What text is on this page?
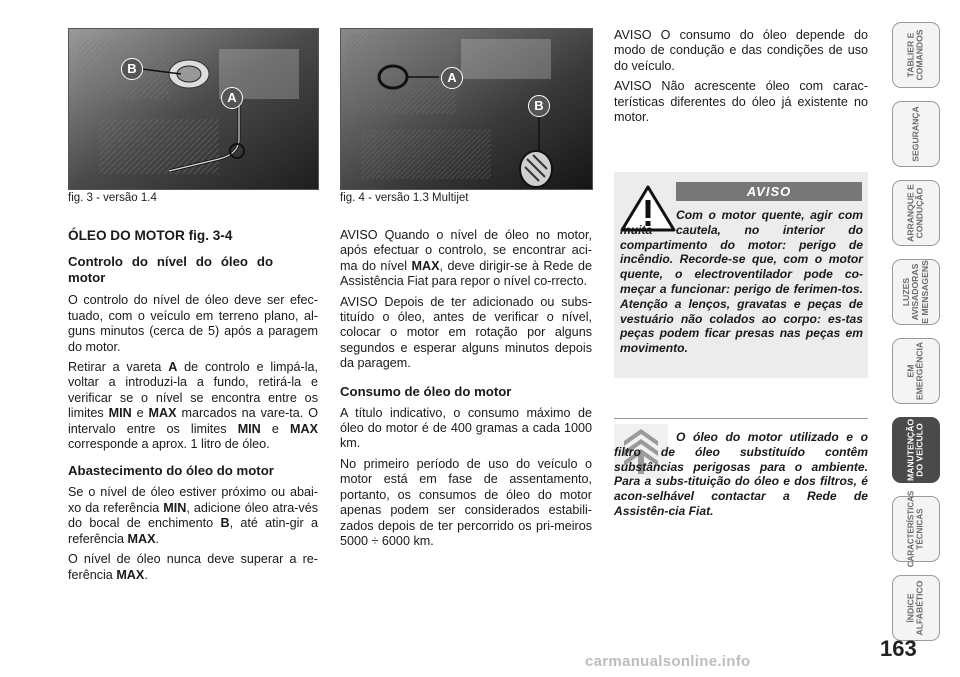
B
A
fig. 3 - versão 1.4
A
B
fig. 4 - versão 1.3 Multijet
ÓLEO DO MOTOR fig. 3-4
Controlo do nível do óleo do motor

O controlo do nível de óleo deve ser efec-tuado, com o veículo em terreno plano, al-guns minutos (cerca de 5) após a paragem do motor.

Retirar a vareta A de controlo e limpá-la, voltar a introduzi-la a fundo, retirá-la e verificar se o nível se encontra entre os limites MIN e MAX marcados na vare-ta. O intervalo entre os limites MIN e MAX corresponde a aprox. 1 litro de óleo.

Abastecimento do óleo do motor

Se o nível de óleo estiver próximo ou abai-xo da referência MIN, adicione óleo atra-vés do bocal de enchimento B, até atin-gir a referência MAX.

O nível de óleo nunca deve superar a re-ferência MAX.

AVISO Quando o nível de óleo no motor, após efectuar o controlo, se encontrar aci-ma do nível MAX, deve dirigir-se à Rede de Assistência Fiat para repor o nível co-rrecto.

AVISO Depois de ter adicionado ou subs-tituído o óleo, antes de verificar o nível, colocar o motor em rotação por alguns segundos e esperar alguns minutos depois da paragem.

Consumo de óleo do motor

A título indicativo, o consumo máximo de óleo do motor é de 400 gramas a cada 1000 km.

No primeiro período de uso do veículo o motor está em fase de assentamento, portanto, os consumos de óleo do motor apenas podem ser considerados estabili-zados depois de ter percorrido os pri-meiros 5000 ÷ 6000 km.

AVISO O consumo do óleo depende do modo de condução e das condições de uso do veículo.

AVISO Não acrescente óleo com carac-terísticas diferentes do óleo já existente no motor.

AVISO
Com o motor quente, agir com muita cautela, no interior do compartimento do motor: perigo de incêndio. Recorde-se que, com o motor quente, o electroventilador pode co-meçar a funcionar: perigo de ferimen-tos. Atenção a lenços, gravatas e peças de vestuário não colados ao corpo: es-tas peças podem ficar presas nas peças em movimento.
O óleo do motor utilizado e o filtro de óleo substituído contêm substâncias perigosas para o ambiente. Para a subs-tituição do óleo e dos filtros, é acon-selhável contactar a Rede de Assistên-cia Fiat.
TABLIER E
COMANDOS
SEGURANÇA
ARRANQUE E
CONDUÇÃO
LUZES
AVISADORAS
E MENSAGENS
EM
EMERGÊNCIA
MANUTENÇÃO
DO VEÍCULO
CARACTERÍSTICAS
TÉCNICAS
ÍNDICE
ALFABÉTICO
163
carmanualsonline.info
